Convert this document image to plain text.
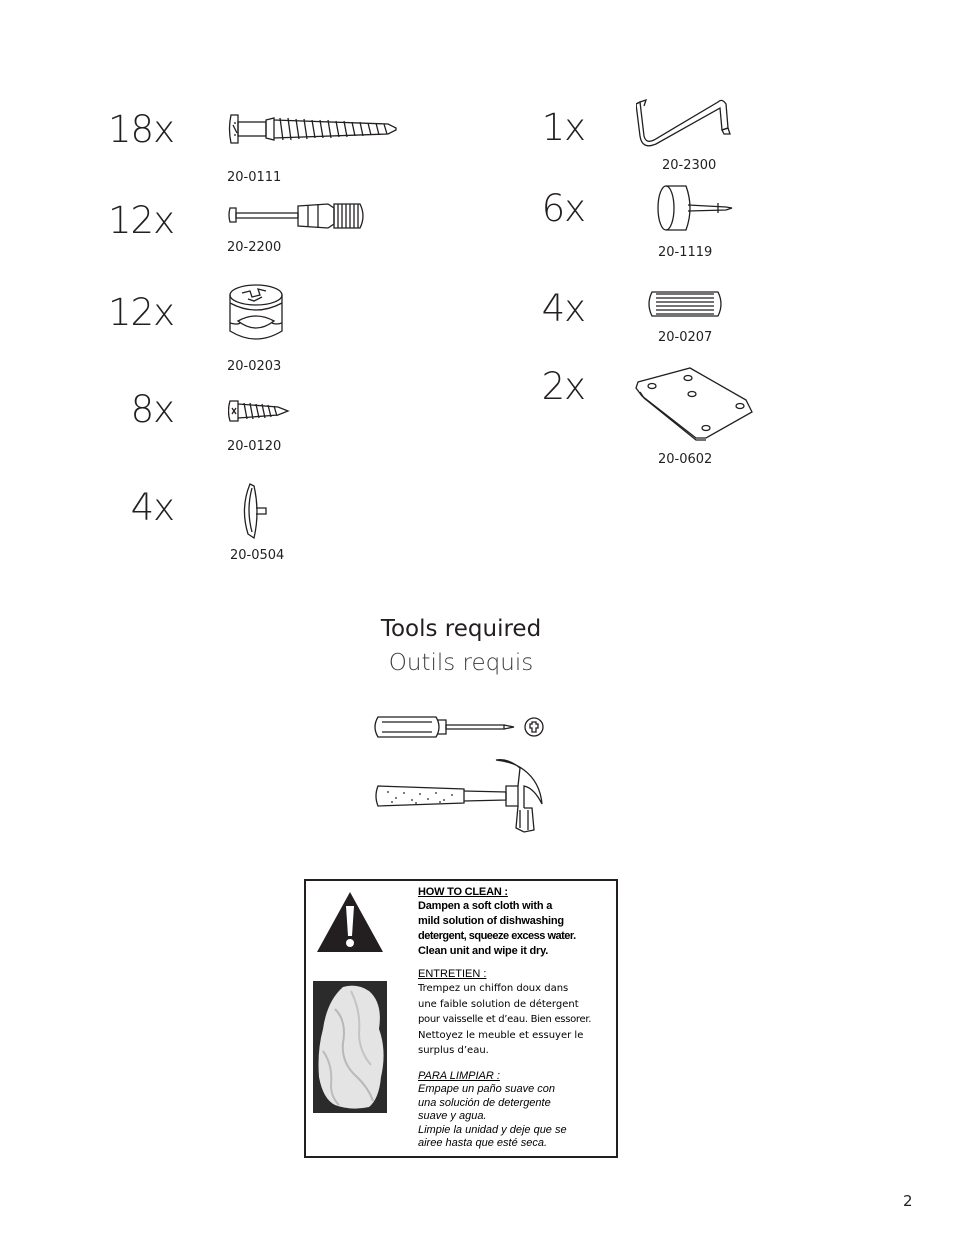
18x
20-0111
12x
20-2200
12x
20-0203
8x
20-0120
4x
20-0504
1x
20-2300
6x
20-1119
4x
20-0207
2x
20-0602
Tools required
Outils requis
HOW TO CLEAN :
Dampen a soft cloth with a
mild solution of dishwashing
detergent, squeeze excess water.
Clean unit and wipe it dry.
ENTRETIEN :
Trempez un chiffon doux dans
une faible solution de détergent
pour vaisselle et d’eau. Bien essorer.
Nettoyez le meuble et essuyer le
surplus d’eau.
PARA LIMPIAR :
Empape un paño suave con
una solución de detergente
suave y agua.
Limpie la unidad y deje que se
airee hasta que esté seca.
2
